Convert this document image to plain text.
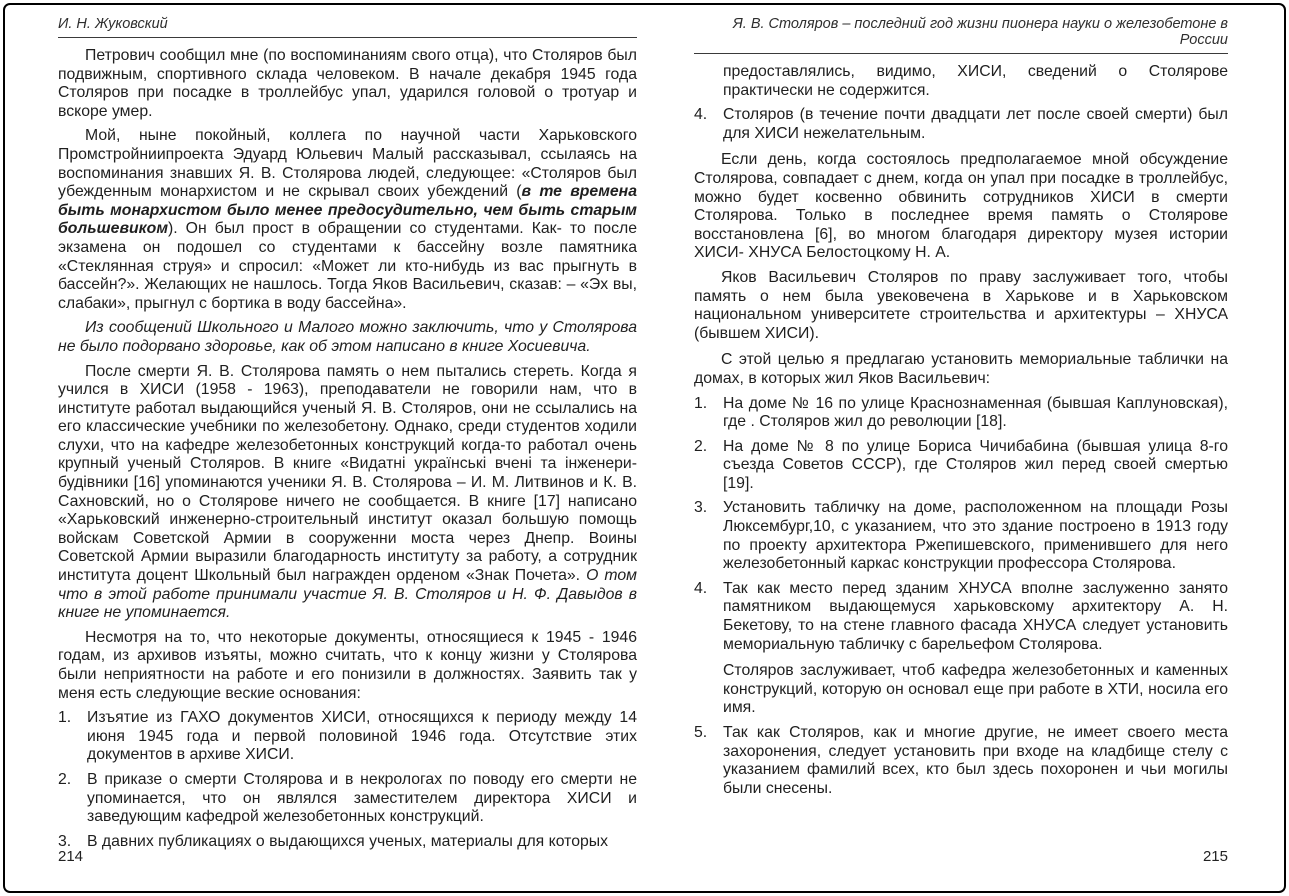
И. Н. Жуковский

Петрович сообщил мне (по воспоминаниям свого отца), что Столяров был подвижным, спортивного склада человеком. В начале декабря 1945 года Столяров при посадке в троллейбус упал, ударился головой о тротуар и вскоре умер.

Мой, ныне покойный, коллега по научной части Харьковского Промстройниипроекта Эдуард Юльевич Малый рассказывал, ссылаясь на воспоминания знавших Я. В. Столярова людей, следующее: «Столяров был убежденным монархистом и не скрывал своих убеждений (в те времена быть монархистом было менее предосудительно, чем быть старым большевиком). Он был прост в обращении со студентами. Как- то после экзамена он подошел со студентами к бассейну возле памятника «Стеклянная струя» и спросил: «Может ли кто-нибудь из вас прыгнуть в бассейн?». Желающих не нашлось. Тогда Яков Васильевич, сказав: – «Эх вы, слабаки», прыгнул с бортика в воду бассейна».

Из сообщений Школьного и Малого можно заключить, что у Столярова не было подорвано здоровье, как об этом написано в книге Хосиевича.

После смерти Я. В. Столярова память о нем пытались стереть. Когда я учился в ХИСИ (1958 - 1963), преподаватели не говорили нам, что в институте работал выдающийся ученый Я. В. Столяров, они не ссылались на его классические учебники по железобетону. Однако, среди студентов ходили слухи, что на кафедре железобетонных конструкций когда-то работал очень крупный ученый Столяров. В книге «Видатні українські вчені та інженери- будівники [16] упоминаются ученики Я. В. Столярова – И. М. Литвинов и К. В. Сахновский, но о Столярове ничего не сообщается. В книге [17] написано «Харьковский инженерно-строительный институт оказал большую помощь войскам Советской Армии в сооруженни моста через Днепр. Воины Советской Армии выразили благодарность институту за работу, а сотрудник института доцент Школьный был награжден орденом «Знак Почета». О том что в этой работе принимали участие Я. В. Столяров и Н. Ф. Давыдов в книге не упоминается.

Несмотря на то, что некоторые документы, относящиеся к 1945 - 1946 годам, из архивов изъяты, можно считать, что к концу жизни у Столярова были неприятности на работе и его понизили в должностях. Заявить так у меня есть следующие веские основания:

1.	Изъятие из ГАХО документов ХИСИ, относящихся к периоду между 14 июня 1945 года и первой половиной 1946 года. Отсутствие этих документов в архиве ХИСИ.
2.	В приказе о смерти Столярова и в некрологах по поводу его смерти не упоминается, что он являлся заместителем директора ХИСИ и заведующим кафедрой железобетонных конструкций.
3.	В давних публикациях о выдающихся ученых, материалы для которых
Я. В. Столяров – последний год жизни пионера науки о железобетоне в России

предоставлялись, видимо, ХИСИ, сведений о Столярове практически не содержится.

4.	Столяров (в течение почти двадцати лет после своей смерти) был для ХИСИ нежелательным.

Если день, когда состоялось предполагаемое мной обсуждение Столярова, совпадает с днем, когда он упал при посадке в троллейбус, можно будет косвенно обвинить сотрудников ХИСИ в смерти Столярова. Только в последнее время память о Столярове восстановлена [6], во многом благодаря директору музея истории ХИСИ- ХНУСА Белостоцкому Н. А.

Яков Васильевич Столяров по праву заслуживает того, чтобы память о нем была увековечена в Харькове и в Харьковском национальном университете строительства и архитектуры – ХНУСА (бывшем ХИСИ).

С этой целью я предлагаю установить мемориальные таблички на домах, в которых жил Яков Васильевич:

1.	На доме № 16 по улице Краснознаменная (бывшая Каплуновская), где . Столяров жил до революции [18].
2.	На доме № 8 по улице Бориса Чичибабина (бывшая улица 8-го съезда Советов СССР), где Столяров жил перед своей смертью [19].
3.	Установить табличку на доме, расположенном на площади Розы Люксембург,10, с указанием, что это здание построено в 1913 году по проекту архитектора Ржепишевского, применившего для него железобетонный каркас конструкции профессора Столярова.
4.	Так как место перед зданим ХНУСА вполне заслуженно занято памятником выдающемуся харьковскому архитектору А. Н. Бекетову, то на стене главного фасада ХНУСА следует установить мемориальную табличку с барельефом Столярова.

Столяров заслуживает, чтоб кафедра железобетонных и каменных конструкций, которую он основал еще при работе в ХТИ, носила его имя.

5.	Так как Столяров, как и многие другие, не имеет своего места захоронения, следует установить при входе на кладбище стелу с указанием фамилий всех, кто был здесь похоронен и чьи могилы были снесены.
214	215
